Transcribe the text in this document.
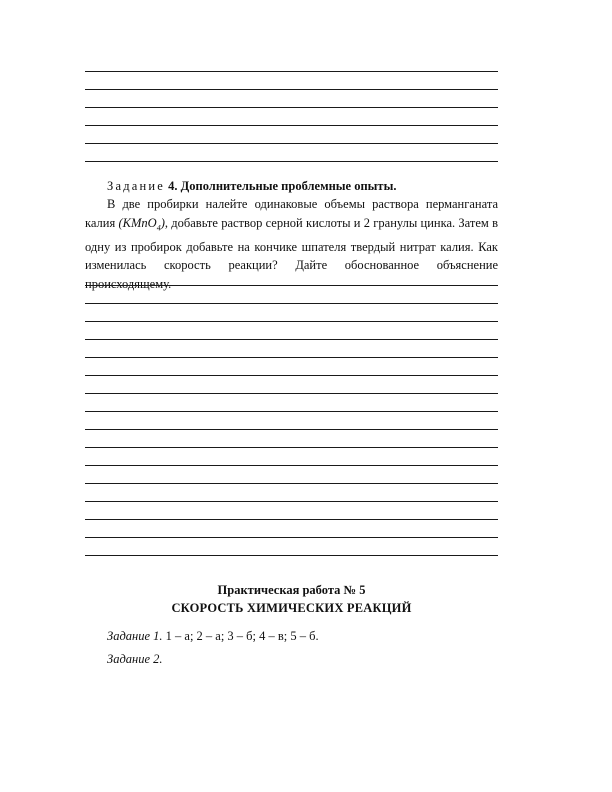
Задание 4. Дополнительные проблемные опыты.
В две пробирки налейте одинаковые объемы раствора перманганата калия (KMnO$_4$), добавьте раствор серной кислоты и 2 гранулы цинка. Затем в одну из пробирок добавьте на кончике шпателя твердый нитрат калия. Как изменилась скорость реакции? Дайте обоснованное объяснение происходящему.
Практическая работа № 5
СКОРОСТЬ ХИМИЧЕСКИХ РЕАКЦИЙ
Задание 1. 1 – а; 2 – а; 3 – б; 4 – в; 5 – б.
Задание 2.
